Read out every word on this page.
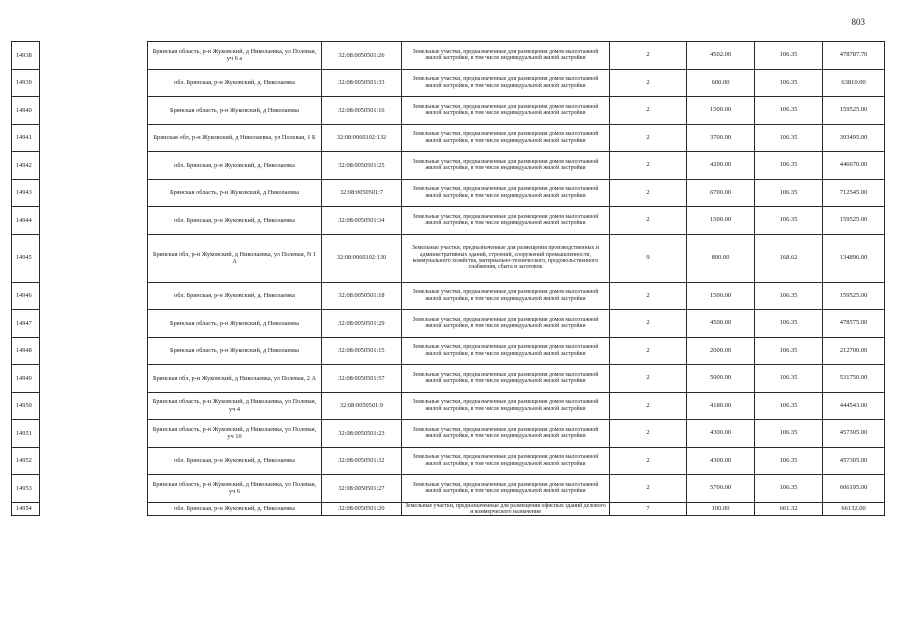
803
14938		Брянская область, р-н Жуковский, д Николаевка, ул Полевая, уч 6 а	32:08:0050501:26	Земельные участки, предназначенные для размещения домов малоэтажной жилой застройки, в том числе индивидуальной жилой застройки	2	4502.00	106.35	478787.70
14939		обл. Брянская, р-н Жуковский, д. Николаевка	32:08:0050501:33	Земельные участки, предназначенные для размещения домов малоэтажной жилой застройки, в том числе индивидуальной жилой застройки	2	600.00	106.35	63810.00
14940		Брянская область, р-н Жуковский, д Николаевка	32:08:0050501:16	Земельные участки, предназначенные для размещения домов малоэтажной жилой застройки, в том числе индивидуальной жилой застройки	2	1500.00	106.35	159525.00
14941		Брянская обл, р-н Жуковский, д Николаевка, ул Полевая, 1 Б	32:08:0060102:132	Земельные участки, предназначенные для размещения домов малоэтажной жилой застройки, в том числе индивидуальной жилой застройки	2	3700.00	106.35	393495.00
14942		обл. Брянская, р-н Жуковский, д. Николаевка	32:08:0050501:25	Земельные участки, предназначенные для размещения домов малоэтажной жилой застройки, в том числе индивидуальной жилой застройки	2	4200.00	106.35	446670.00
14943		Брянская область, р-н Жуковский, д Николаевка	32:08:0050501:7	Земельные участки, предназначенные для размещения домов малоэтажной жилой застройки, в том числе индивидуальной жилой застройки	2	6700.00	106.35	712545.00
14944		обл. Брянская, р-н Жуковский, д. Николаевка	32:08:0050501:34	Земельные участки, предназначенные для размещения домов малоэтажной жилой застройки, в том числе индивидуальной жилой застройки	2	1500.00	106.35	159525.00
14945		Брянская обл, р-н Жуковский, д Николаевка, ул Полевая, N 1 А	32:08:0060102:130	Земельные участки, предназначенные для размещения производственных и административных зданий, строений, сооружений промышленности, коммунального хозяйства, материально-технического, продовольственного снабжения, сбыта и заготовок	9	800.00	168.62	134896.00
14946		обл. Брянская, р-н Жуковский, д. Николаевка	32:08:0050501:18	Земельные участки, предназначенные для размещения домов малоэтажной жилой застройки, в том числе индивидуальной жилой застройки	2	1500.00	106.35	159525.00
14947		Брянская область, р-н Жуковский, д Николаевка	32:08:0050501:29	Земельные участки, предназначенные для размещения домов малоэтажной жилой застройки, в том числе индивидуальной жилой застройки	2	4500.00	106.35	478575.00
14948		Брянская область, р-н Жуковский, д Николаевка	32:08:0050501:15	Земельные участки, предназначенные для размещения домов малоэтажной жилой застройки, в том числе индивидуальной жилой застройки	2	2000.00	106.35	212700.00
14949		Брянская обл, р-н Жуковский, д Николаевка, ул Полевая, 2 А	32:08:0050501:57	Земельные участки, предназначенные для размещения домов малоэтажной жилой застройки, в том числе индивидуальной жилой застройки	2	5000.00	106.35	531750.00
14950		Брянская область, р-н Жуковский, д Николаевка, ул Полевая, уч 4	32:08:0050501:9	Земельные участки, предназначенные для размещения домов малоэтажной жилой застройки, в том числе индивидуальной жилой застройки	2	4180.00	106.35	444543.00
14951		Брянская область, р-н Жуковский, д Николаевка, ул Полевая, уч 10	32:08:0050501:23	Земельные участки, предназначенные для размещения домов малоэтажной жилой застройки, в том числе индивидуальной жилой застройки	2	4300.00	106.35	457305.00
14952		обл. Брянская, р-н Жуковский, д. Николаевка	32:08:0050501:32	Земельные участки, предназначенные для размещения домов малоэтажной жилой застройки, в том числе индивидуальной жилой застройки	2	4300.00	106.35	457305.00
14953		Брянская область, р-н Жуковский, д Николаевка, ул Полевая, уч 6	32:08:0050501:27	Земельные участки, предназначенные для размещения домов малоэтажной жилой застройки, в том числе индивидуальной жилой застройки	2	5700.00	106.35	606195.00
14954		обл. Брянская, р-н Жуковский, д. Николаевка	32:08:0050501:20	Земельные участки, предназначенные для размещения офисных зданий делового и коммерческого назначения	7	100.00	661.32	66132.00
